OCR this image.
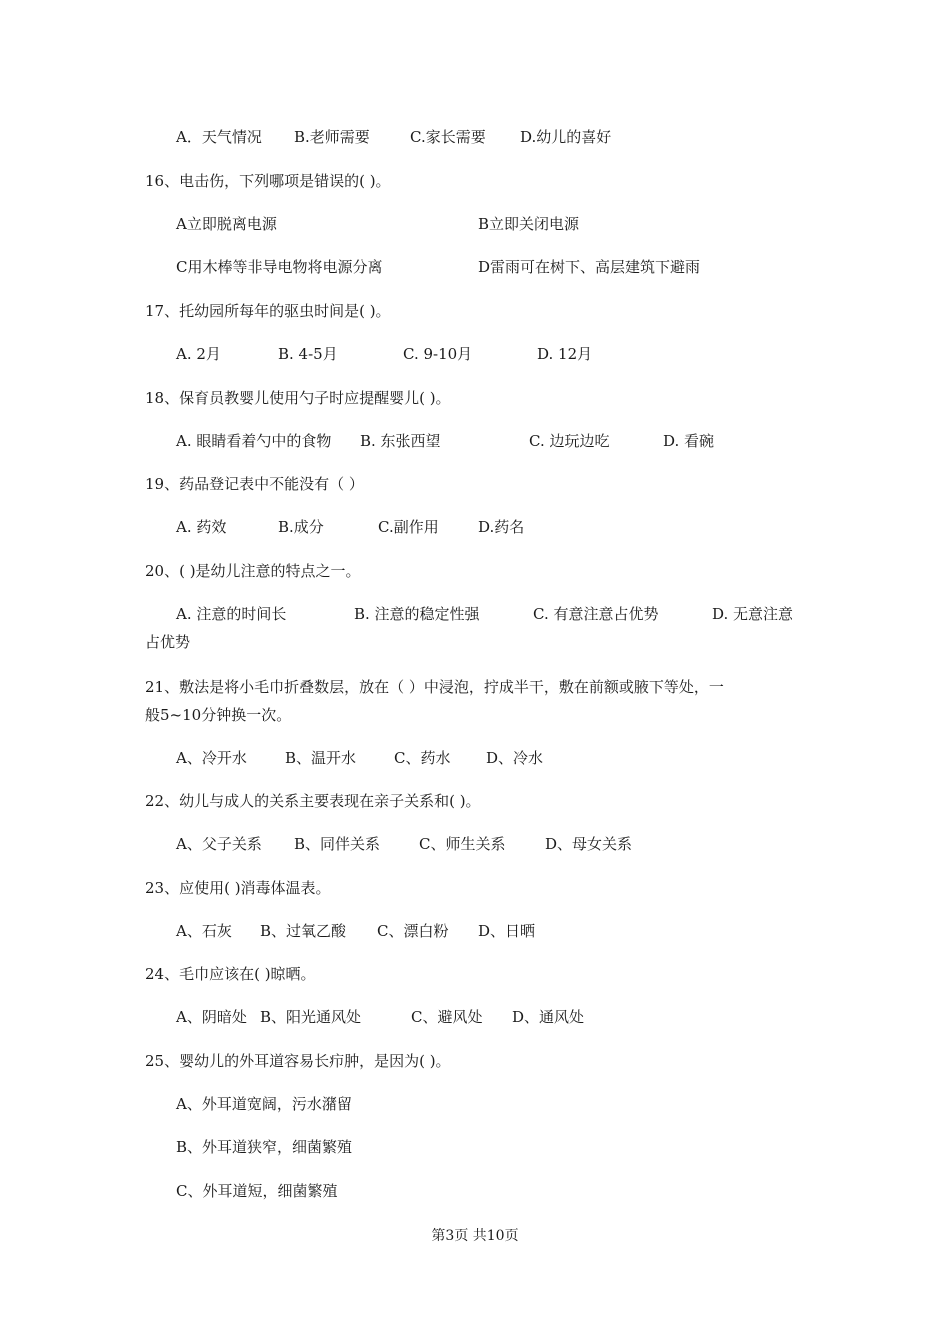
A．天气情况 B.老师需要	C.家长需要 D.幼儿的喜好
16、电击伤，下列哪项是错误的( )。
A立即脱离电源	B立即关闭电源
C用木棒等非导电物将电源分离	D雷雨可在树下、高层建筑下避雨
17、托幼园所每年的驱虫时间是( )。
A. 2月	B. 4-5月	C. 9-10月	D. 12月
18、保育员教婴儿使用勺子时应提醒婴儿( )。
A. 眼睛看着勺中的食物 B. 东张西望	C. 边玩边吃	D. 看碗
19、药品登记表中不能没有（ ）
A. 药效	B.成分	C.副作用	D.药名
20、( )是幼儿注意的特点之一。
A. 注意的时间长	B. 注意的稳定性强	C. 有意注意占优势	D. 无意注意
占优势
21、敷法是将小毛巾折叠数层，放在（ ）中浸泡，拧成半干，敷在前额或腋下等处，一
般5~10分钟换一次。
A、冷开水	B、温开水	C、药水 D、冷水
22、幼儿与成人的关系主要表现在亲子关系和( )。
A、父子关系 B、同伴关系	C、师生关系	D、母女关系
23、应使用( )消毒体温表。
A、石灰 B、过氧乙酸 C、漂白粉 D、日晒
24、毛巾应该在( )晾晒。
A、阴暗处 B、阳光通风处	C、避风处 D、通风处
25、婴幼儿的外耳道容易长疖肿，是因为( )。
A、外耳道宽阔，污水潴留
B、外耳道狭窄，细菌繁殖
C、外耳道短，细菌繁殖
第3页 共10页
